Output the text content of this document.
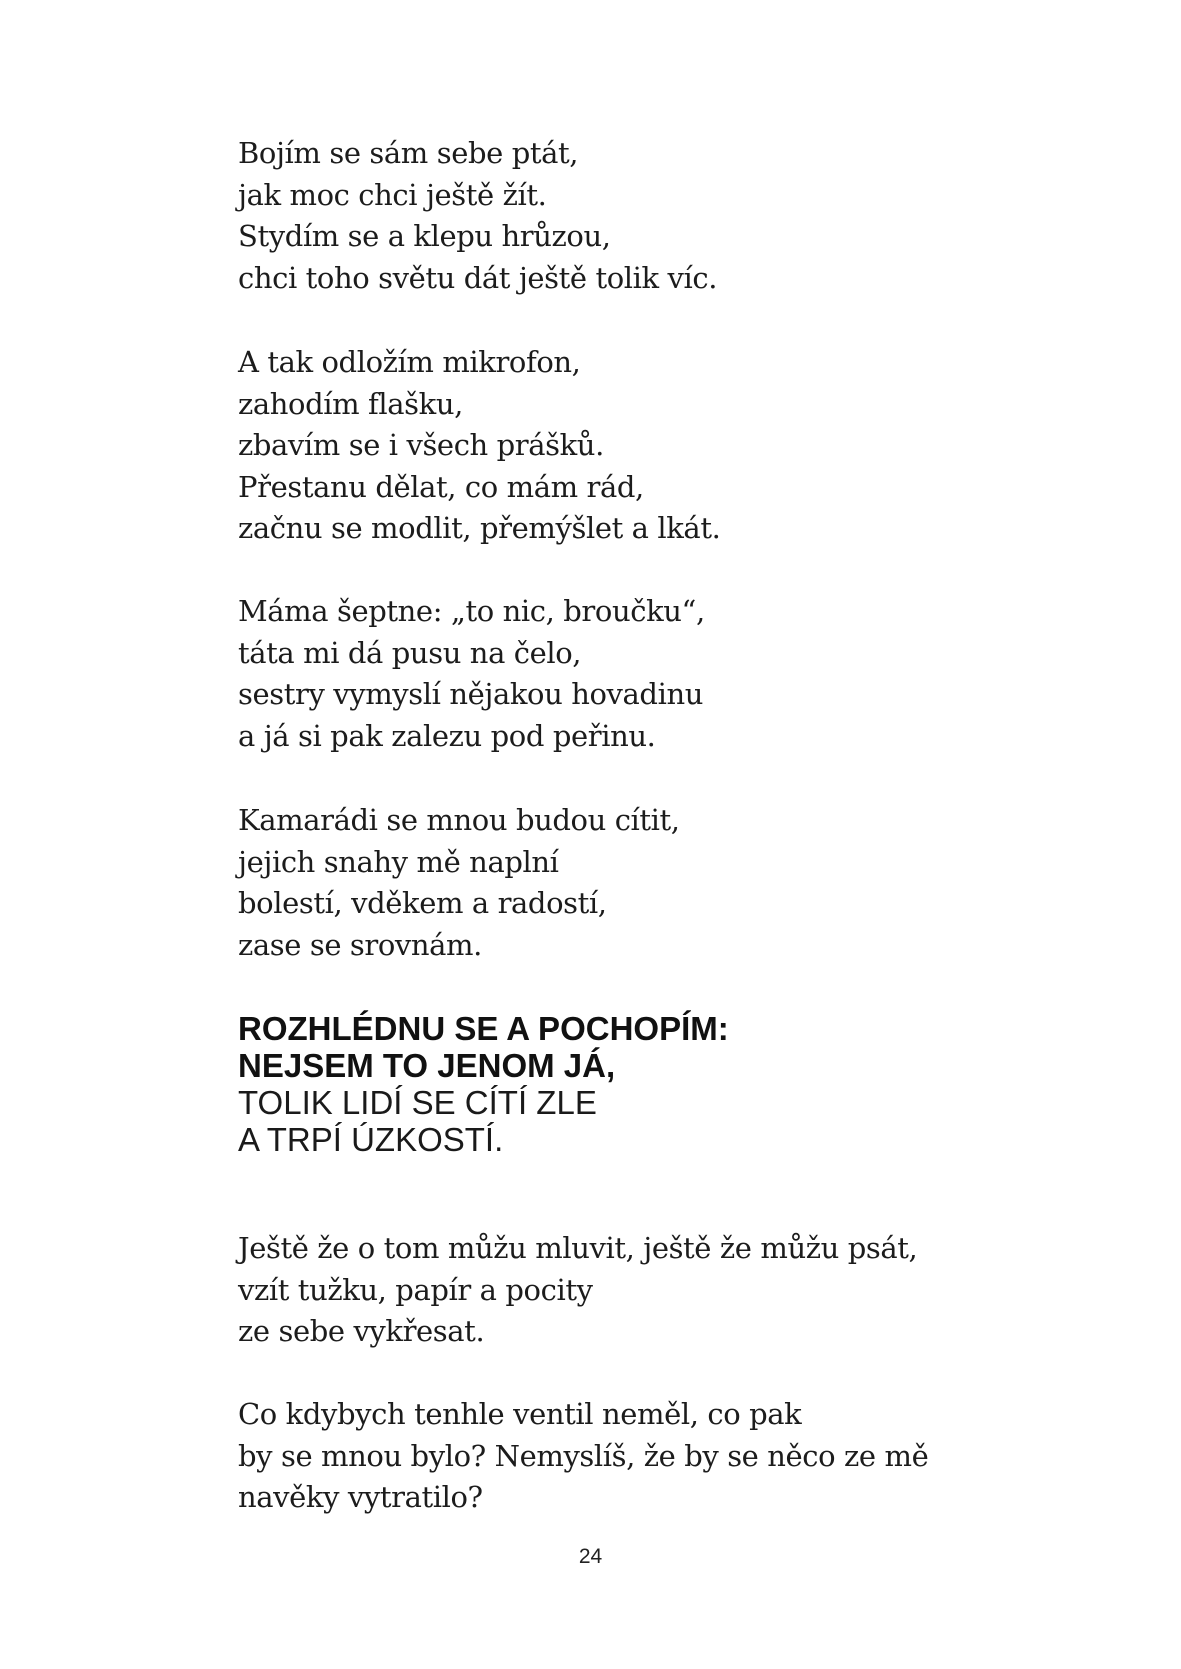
Bojím se sám sebe ptát,
jak moc chci ještě žít.
Stydím se a klepu hrůzou,
chci toho světu dát ještě tolik víc.
A tak odložím mikrofon,
zahodím flašku,
zbavím se i všech prášků.
Přestanu dělat, co mám rád,
začnu se modlit, přemýšlet a lkát.
Máma šeptne: „to nic, broučku“,
táta mi dá pusu na čelo,
sestry vymyslí nějakou hovadinu
a já si pak zalezu pod peřinu.
Kamarádi se mnou budou cítit,
jejich snahy mě naplní
bolestí, vděkem a radostí,
zase se srovnám.
ROZHLÉDNU SE A POCHOPÍM:
NEJSEM TO JENOM JÁ,
TOLIK LIDÍ SE CÍTÍ ZLE
A TRPÍ ÚZKOSTÍ.
Ještě že o tom můžu mluvit, ještě že můžu psát,
vzít tužku, papír a pocity
ze sebe vykřesat.
Co kdybych tenhle ventil neměl, co pak
by se mnou bylo? Nemyslíš, že by se něco ze mě
navěky vytratilo?
24
